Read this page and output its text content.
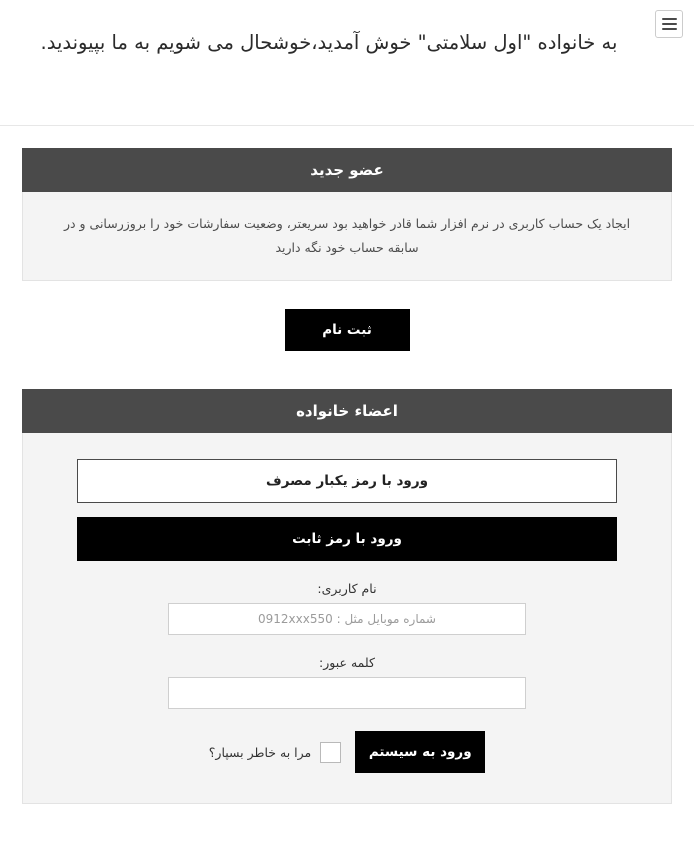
به خانواده "اول سلامتی" خوش آمدید،خوشحال می شویم به ما بپیوندید.
عضو جدید

ایجاد یک حساب کاربری در نرم افزار شما قادر خواهید بود سریعتر، وضعیت سفارشات خود را بروزرسانی و در سابقه حساب خود نگه دارید

ثبت نام
اعضاء خانواده
ورود با رمز یکبار مصرف
ورود با رمز ثابت
نام کاربری:
شماره موبایل مثل : 0912xxx550
کلمه عبور:
مرا به خاطر بسپار؟	ورود به سیستم
